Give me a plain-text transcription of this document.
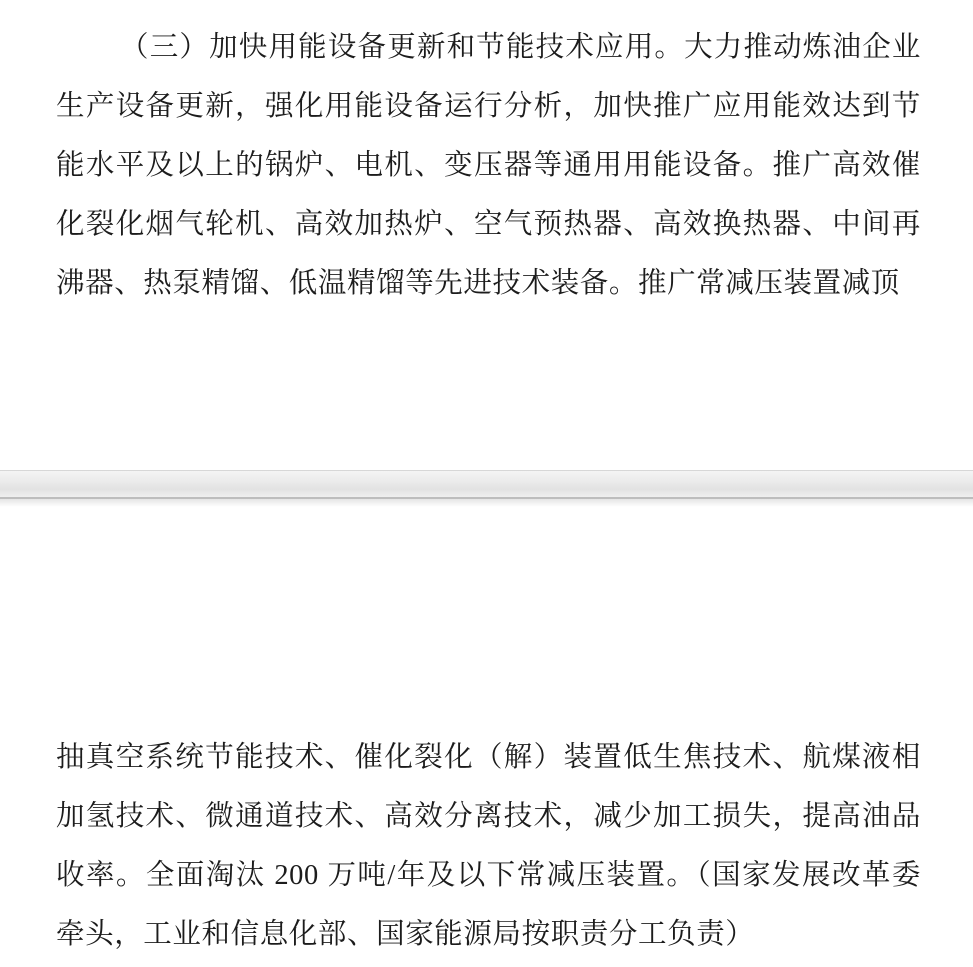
（三）加快用能设备更新和节能技术应用。大力推动炼油企业生产设备更新，强化用能设备运行分析，加快推广应用能效达到节能水平及以上的锅炉、电机、变压器等通用用能设备。推广高效催化裂化烟气轮机、高效加热炉、空气预热器、高效换热器、中间再沸器、热泵精馏、低温精馏等先进技术装备。推广常减压装置减顶

抽真空系统节能技术、催化裂化（解）装置低生焦技术、航煤液相加氢技术、微通道技术、高效分离技术，减少加工损失，提高油品收率。全面淘汰 200 万吨/年及以下常减压装置。（国家发展改革委牵头，工业和信息化部、国家能源局按职责分工负责）
